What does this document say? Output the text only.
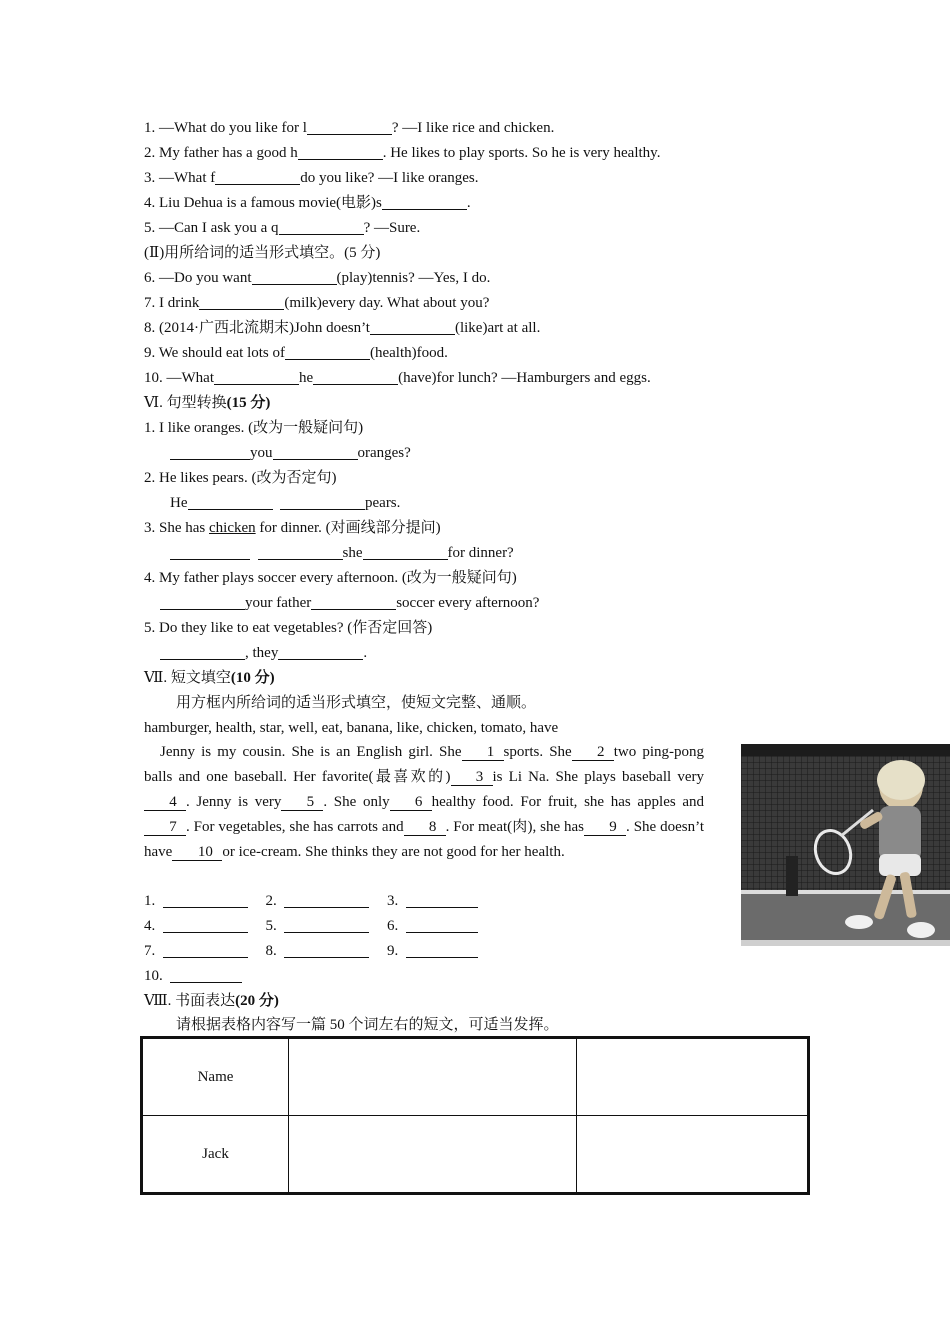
1. —What do you like for l	? —I like rice and chicken.
2. My father has a good h	. He likes to play sports. So he is very healthy.
3. —What f	do you like? —I like oranges.
4. Liu Dehua is a famous movie(电影)s	.
5. —Can I ask you a q	? —Sure.
(Ⅱ)用所给词的适当形式填空。(5 分)
6. —Do you want	(play)tennis? —Yes, I do.
7. I drink	(milk)every day. What about you?
8. (2014·广西北流期末)John doesn’t	(like)art at all.
9. We should eat lots of	(health)food.
10. —What	he	(have)for lunch? —Hamburgers and eggs.
Ⅵ. 句型转换(15 分)
1. I like oranges. (改为一般疑问句)
you	oranges?
2. He likes pears. (改为否定句)
He	pears.
3. She has chicken for dinner. (对画线部分提问)
she	for dinner?
4. My father plays soccer every afternoon. (改为一般疑问句)
your father	soccer every afternoon?
5. Do they like to eat vegetables? (作否定回答)
, they	.
Ⅶ. 短文填空(10 分)
用方框内所给词的适当形式填空，使短文完整、通顺。
hamburger, health, star, well, eat, banana, like, chicken, tomato, have
Jenny is my cousin. She is an English girl. She 1 sports. She 2 two ping-pong balls and one baseball. Her favorite(最喜欢的) 3 is Li Na. She plays baseball very4 . Jenny is very 5 . She only 6 healthy food. For fruit, she has apples and7 . For vegetables, she has carrots and 8 . For meat(肉), she has 9 . She doesn’t have 10 or ice-cream. She thinks they are not good for her health.
1.	2.	3.
4.	5.	6.
7.	8.	9.
10.
Ⅷ. 书面表达(20 分)
请根据表格内容写一篇 50 个词左右的短文，可适当发挥。
Name		
Jack		
